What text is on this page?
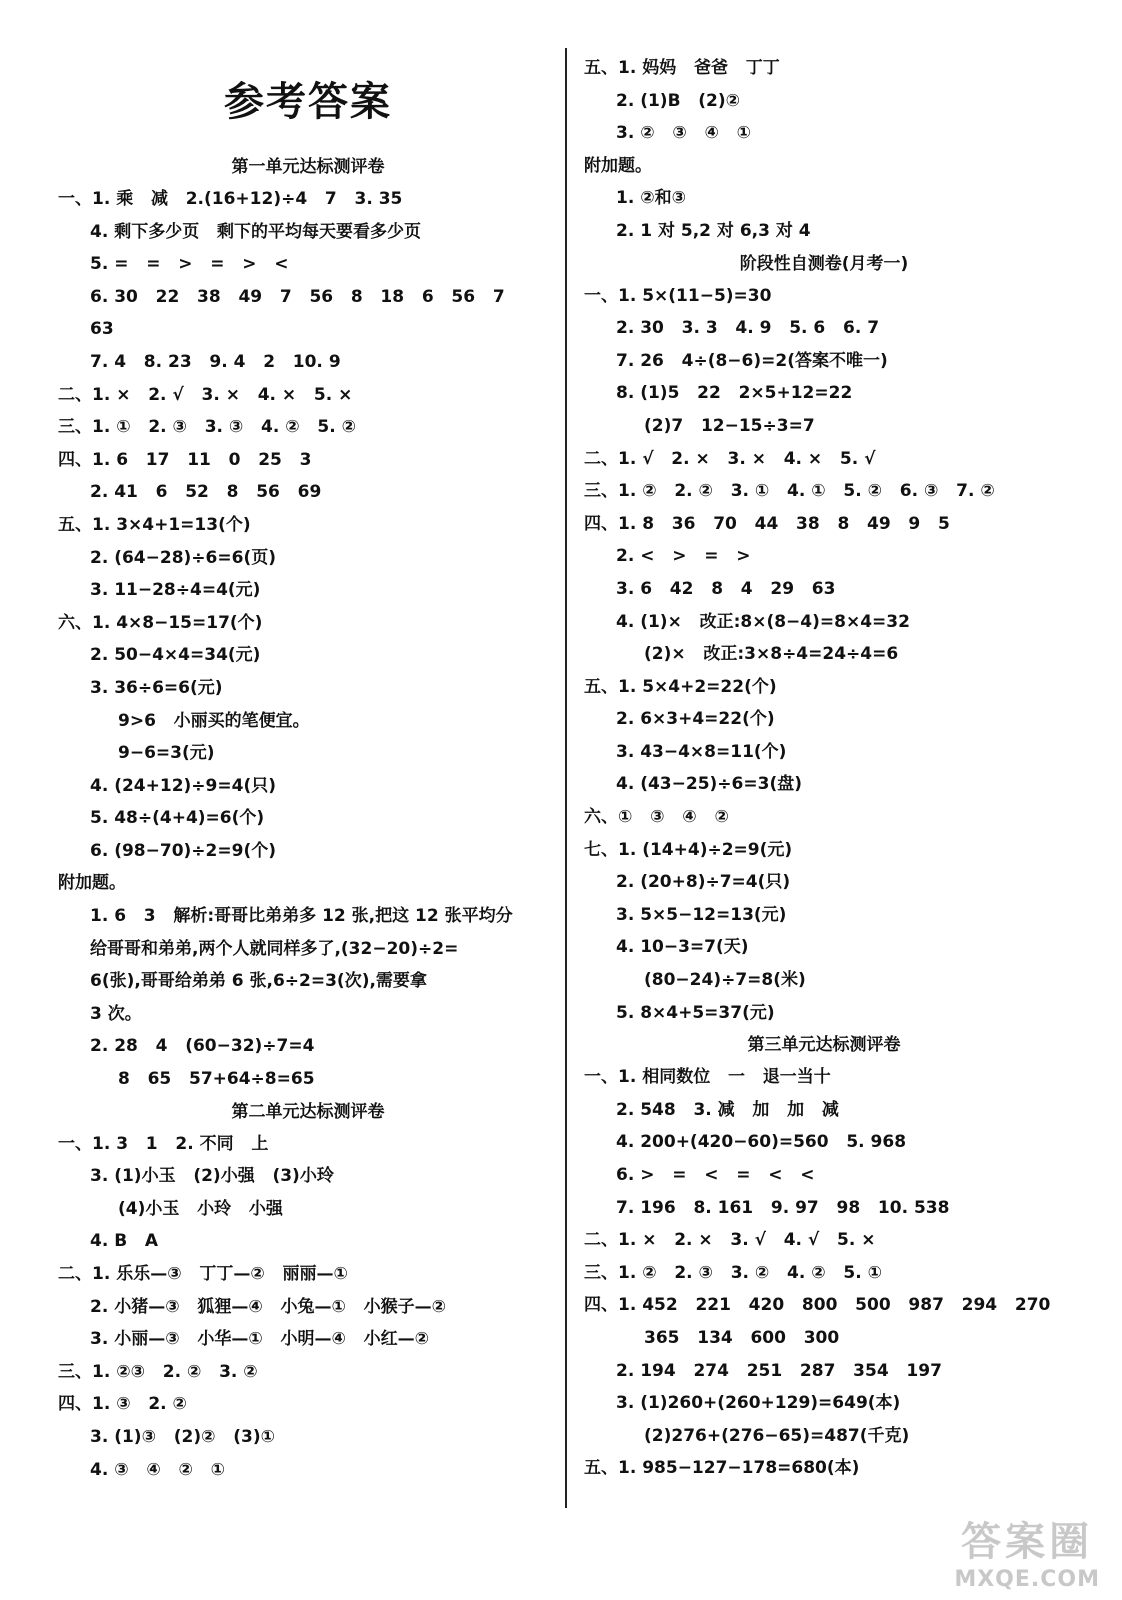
参考答案
第一单元达标测评卷
一、1. 乘   减   2.(16+12)÷4   7   3. 35
4. 剩下多少页   剩下的平均每天要看多少页
5. =   =   >   =   >   <
6. 30   22   38   49   7   56   8   18   6   56   7
63
7. 4   8. 23   9. 4   2   10. 9
二、1. ×   2. √   3. ×   4. ×   5. ×
三、1. ①   2. ③   3. ③   4. ②   5. ②
四、1. 6   17   11   0   25   3
2. 41   6   52   8   56   69
五、1. 3×4+1=13(个)
2. (64−28)÷6=6(页)
3. 11−28÷4=4(元)
六、1. 4×8−15=17(个)
2. 50−4×4=34(元)
3. 36÷6=6(元)
9>6   小丽买的笔便宜。
9−6=3(元)
4. (24+12)÷9=4(只)
5. 48÷(4+4)=6(个)
6. (98−70)÷2=9(个)
附加题。
1. 6   3   解析:哥哥比弟弟多 12 张,把这 12 张平均分
给哥哥和弟弟,两个人就同样多了,(32−20)÷2=
6(张),哥哥给弟弟 6 张,6÷2=3(次),需要拿
3 次。
2. 28   4   (60−32)÷7=4
8   65   57+64÷8=65
第二单元达标测评卷
一、1. 3   1   2. 不同   上
3. (1)小玉   (2)小强   (3)小玲
(4)小玉   小玲   小强
4. B   A
二、1. 乐乐—③   丁丁—②   丽丽—①
2. 小猪—③   狐狸—④   小兔—①   小猴子—②
3. 小丽—③   小华—①   小明—④   小红—②
三、1. ②③   2. ②   3. ②
四、1. ③   2. ②
3. (1)③   (2)②   (3)①
4. ③   ④   ②   ①
五、1. 妈妈   爸爸   丁丁
2. (1)B   (2)②
3. ②   ③   ④   ①
附加题。
1. ②和③
2. 1 对 5,2 对 6,3 对 4
阶段性自测卷(月考一)
一、1. 5×(11−5)=30
2. 30   3. 3   4. 9   5. 6   6. 7
7. 26   4÷(8−6)=2(答案不唯一)
8. (1)5   22   2×5+12=22
(2)7   12−15÷3=7
二、1. √   2. ×   3. ×   4. ×   5. √
三、1. ②   2. ②   3. ①   4. ①   5. ②   6. ③   7. ②
四、1. 8   36   70   44   38   8   49   9   5
2. <   >   =   >
3. 6   42   8   4   29   63
4. (1)×   改正:8×(8−4)=8×4=32
(2)×   改正:3×8÷4=24÷4=6
五、1. 5×4+2=22(个)
2. 6×3+4=22(个)
3. 43−4×8=11(个)
4. (43−25)÷6=3(盘)
六、①   ③   ④   ②
七、1. (14+4)÷2=9(元)
2. (20+8)÷7=4(只)
3. 5×5−12=13(元)
4. 10−3=7(天)
(80−24)÷7=8(米)
5. 8×4+5=37(元)
第三单元达标测评卷
一、1. 相同数位   一   退一当十
2. 548   3. 减   加   加   减
4. 200+(420−60)=560   5. 968
6. >   =   <   =   <   <
7. 196   8. 161   9. 97   98   10. 538
二、1. ×   2. ×   3. √   4. √   5. ×
三、1. ②   2. ③   3. ②   4. ②   5. ①
四、1. 452   221   420   800   500   987   294   270
365   134   600   300
2. 194   274   251   287   354   197
3. (1)260+(260+129)=649(本)
(2)276+(276−65)=487(千克)
五、1. 985−127−178=680(本)
答案圈
MXQE.COM
